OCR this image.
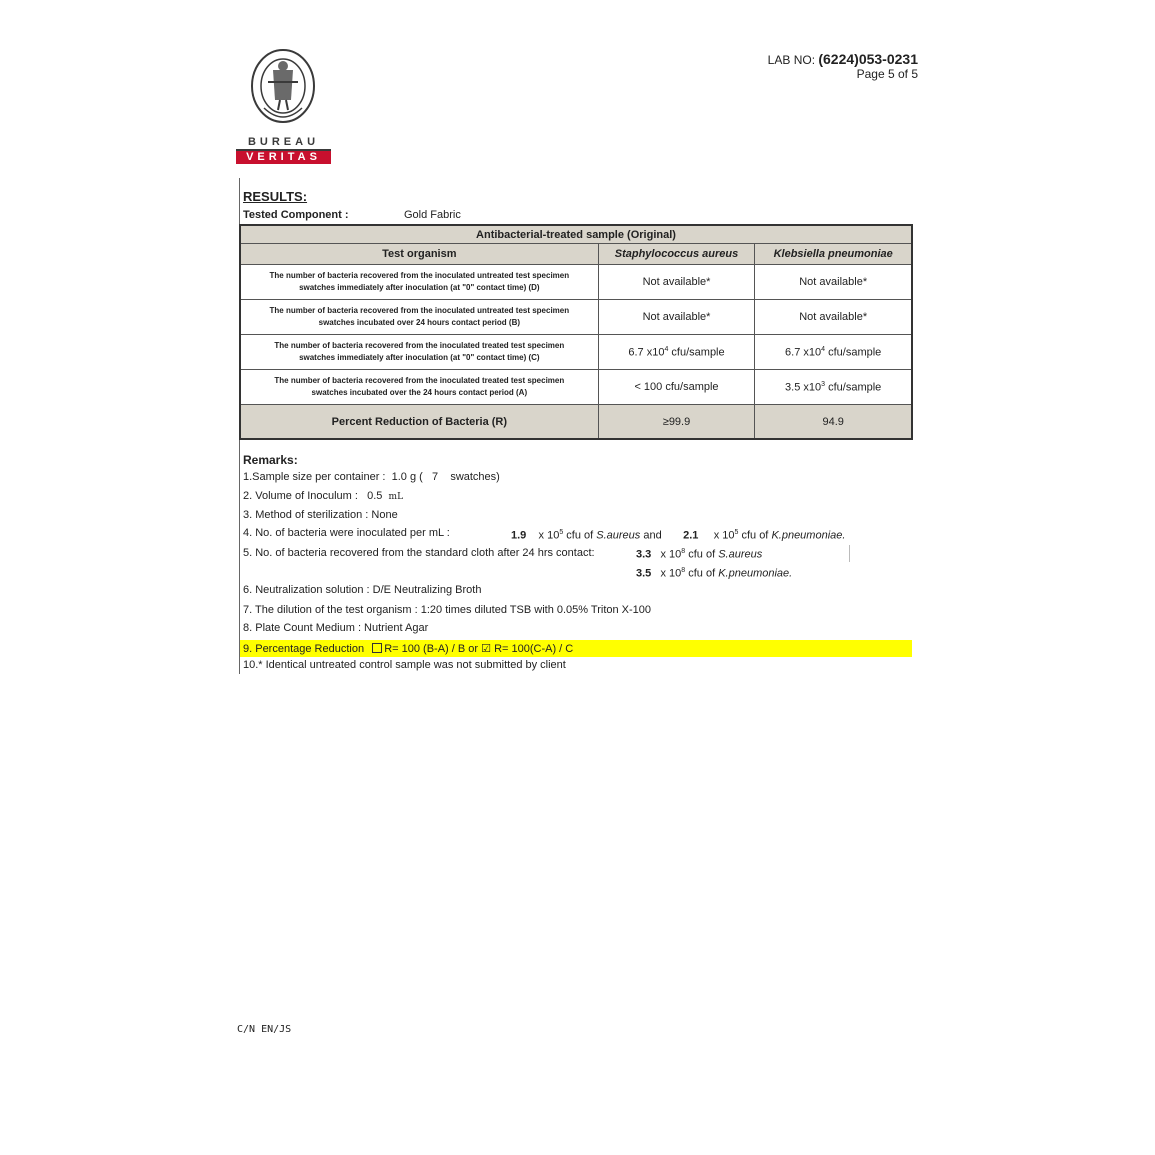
BUREAU
VERITAS
LAB NO: (6224)053-0231
Page 5 of 5
RESULTS:
Tested Component :	Gold Fabric
Antibacterial-treated sample (Original)		
Test organism	Staphylococcus aureus	Klebsiella pneumoniae
The number of bacteria recovered from the inoculated untreated test specimen
swatches immediately after inoculation (at "0" contact time) (D)	Not available*	Not available*
The number of bacteria recovered from the inoculated untreated test specimen
swatches incubated over 24 hours contact period (B)	Not available*	Not available*
The number of bacteria recovered from the inoculated treated test specimen
swatches immediately after inoculation (at "0" contact time) (C)	6.7 $x10^4$ cfu/sample	6.7 $x10^4$ cfu/sample
The number of bacteria recovered from the inoculated treated test specimen
swatches incubated over the 24 hours contact period (A)	< 100 cfu/sample	3.5 $x10^3$ cfu/sample
Percent Reduction of Bacteria (R)	≥99.9	94.9
Remarks:
1.Sample size per container : 1.0 g ( 7 swatches)
2. Volume of Inoculum : 0.5 mL
3. Method of sterilization : None
4. No. of bacteria were inoculated per mL :	1.9 x $10^5$ cfu of S.aureus and 2.1 x $10^5$ cfu of K.pneumoniae.
5. No. of bacteria recovered from the standard cloth after 24 hrs contact:	3.3 x $10^8$ cfu of S.aureus
3.5 x $10^8$ cfu of K.pneumoniae.
6. Neutralization solution : D/E Neutralizing Broth
7. The dilution of the test organism : 1:20 times diluted TSB with 0.05% Triton X-100
8. Plate Count Medium : Nutrient Agar
9. Percentage Reduction R= 100 (B-A) / B or ☑ R= 100(C-A) / C
10.* Identical untreated control sample was not submitted by client
C/N EN/JS
